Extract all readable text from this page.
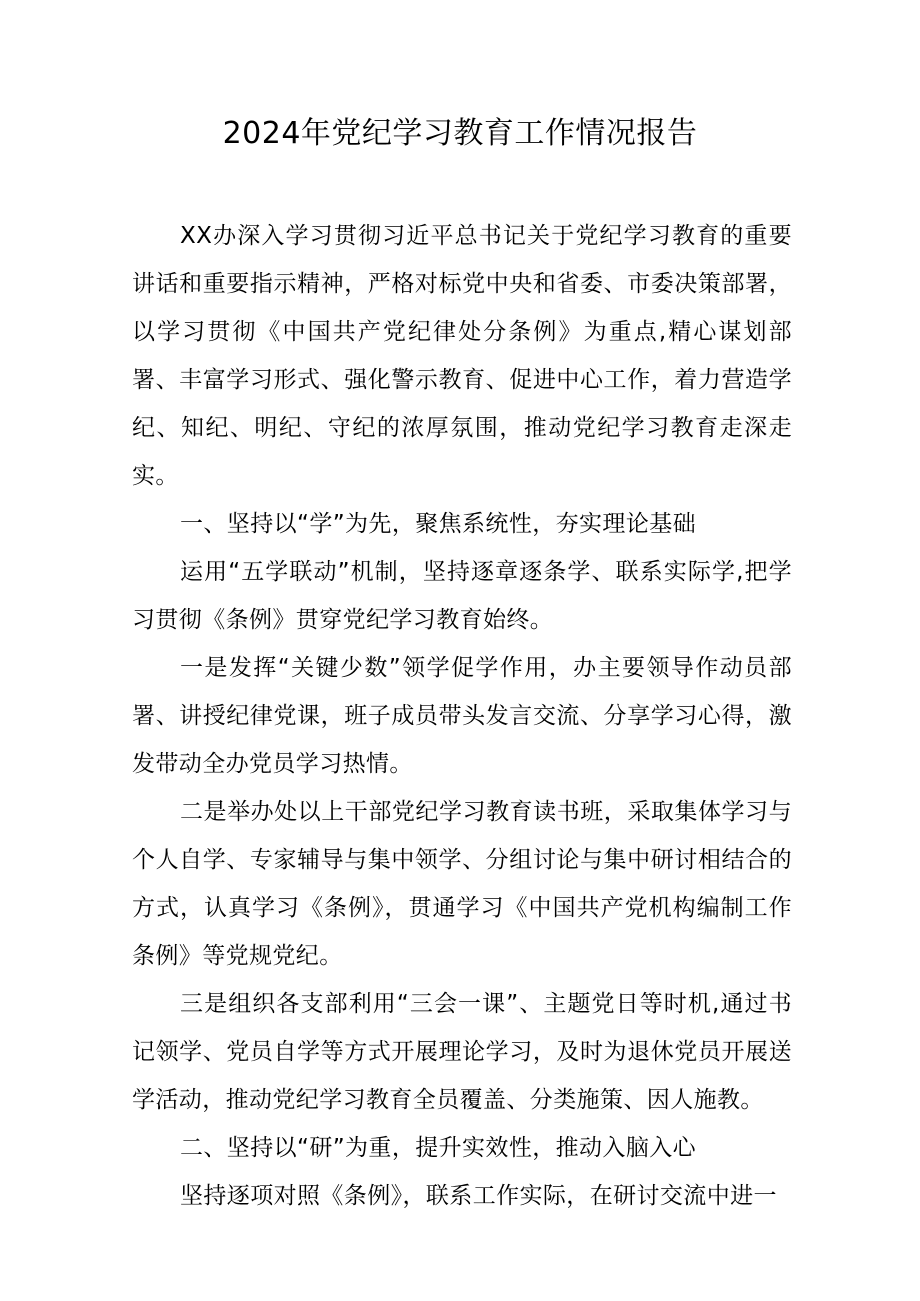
2024年党纪学习教育工作情况报告

XX办深入学习贯彻习近平总书记关于党纪学习教育的重要讲话和重要指示精神，严格对标党中央和省委、市委决策部署，以学习贯彻《中国共产党纪律处分条例》为重点,精心谋划部署、丰富学习形式、强化警示教育、促进中心工作，着力营造学纪、知纪、明纪、守纪的浓厚氛围，推动党纪学习教育走深走实。

一、坚持以“学”为先，聚焦系统性，夯实理论基础

运用“五学联动”机制，坚持逐章逐条学、联系实际学,把学习贯彻《条例》贯穿党纪学习教育始终。

一是发挥“关键少数”领学促学作用，办主要领导作动员部署、讲授纪律党课，班子成员带头发言交流、分享学习心得，激发带动全办党员学习热情。

二是举办处以上干部党纪学习教育读书班，采取集体学习与个人自学、专家辅导与集中领学、分组讨论与集中研讨相结合的方式，认真学习《条例》，贯通学习《中国共产党机构编制工作条例》等党规党纪。

三是组织各支部利用“三会一课”、主题党日等时机,通过书记领学、党员自学等方式开展理论学习，及时为退休党员开展送学活动，推动党纪学习教育全员覆盖、分类施策、因人施教。

二、坚持以“研”为重，提升实效性，推动入脑入心

坚持逐项对照《条例》，联系工作实际，在研讨交流中进一
